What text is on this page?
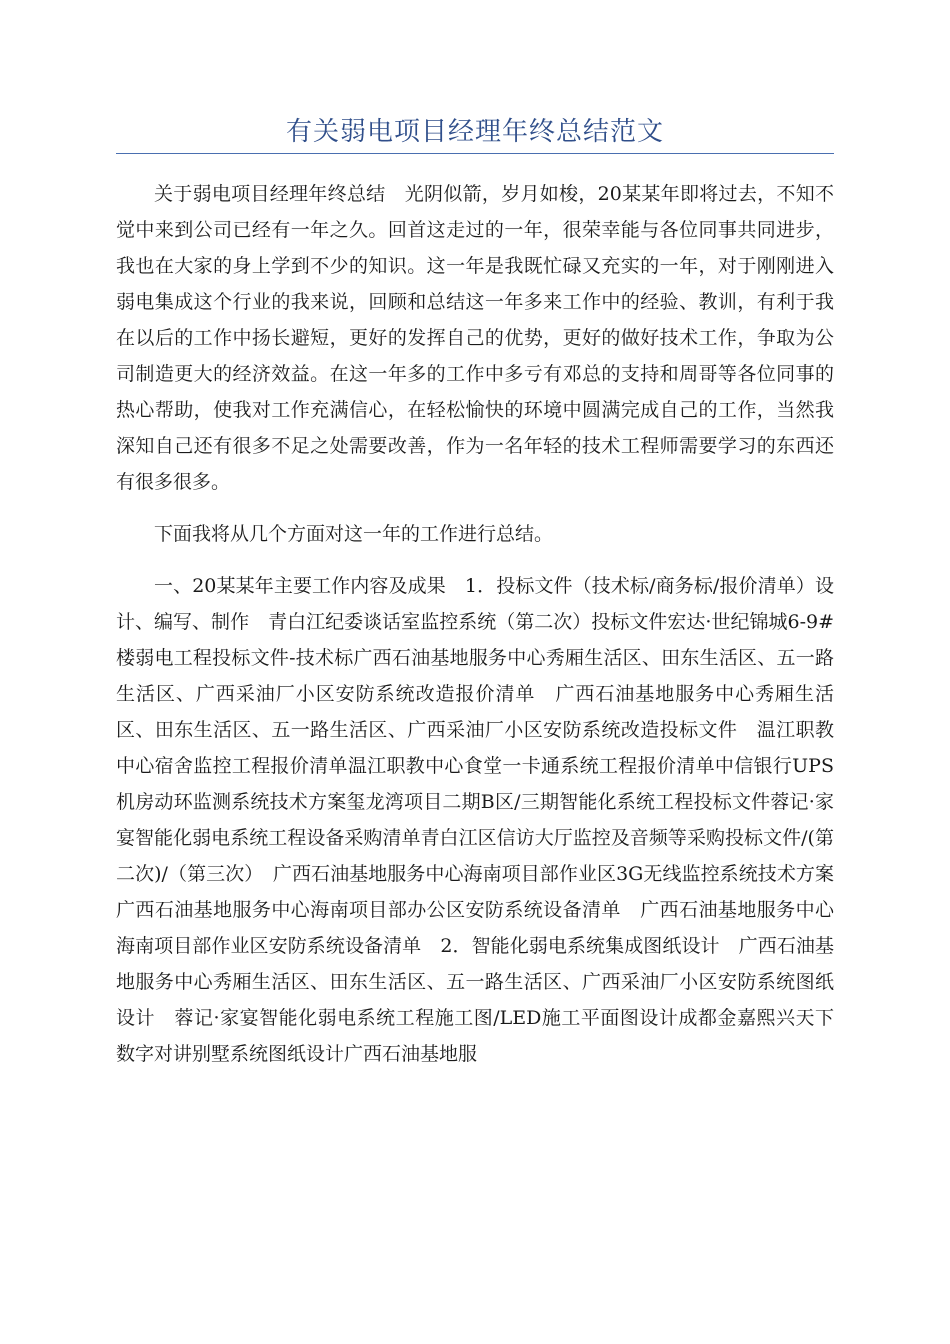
有关弱电项目经理年终总结范文

关于弱电项目经理年终总结　光阴似箭，岁月如梭，20某某年即将过去，不知不觉中来到公司已经有一年之久。回首这走过的一年，很荣幸能与各位同事共同进步，我也在大家的身上学到不少的知识。这一年是我既忙碌又充实的一年，对于刚刚进入弱电集成这个行业的我来说，回顾和总结这一年多来工作中的经验、教训，有利于我在以后的工作中扬长避短，更好的发挥自己的优势，更好的做好技术工作，争取为公司制造更大的经济效益。在这一年多的工作中多亏有邓总的支持和周哥等各位同事的热心帮助，使我对工作充满信心，在轻松愉快的环境中圆满完成自己的工作，当然我深知自己还有很多不足之处需要改善，作为一名年轻的技术工程师需要学习的东西还有很多很多。

下面我将从几个方面对这一年的工作进行总结。

一、20某某年主要工作内容及成果　1．投标文件（技术标/商务标/报价清单）设计、编写、制作　青白江纪委谈话室监控系统（第二次）投标文件宏达·世纪锦城6-9#楼弱电工程投标文件-技术标广西石油基地服务中心秀厢生活区、田东生活区、五一路生活区、广西采油厂小区安防系统改造报价清单　广西石油基地服务中心秀厢生活区、田东生活区、五一路生活区、广西采油厂小区安防系统改造投标文件　温江职教中心宿舍监控工程报价清单温江职教中心食堂一卡通系统工程报价清单中信银行UPS机房动环监测系统技术方案玺龙湾项目二期B区/三期智能化系统工程投标文件蓉记·家宴智能化弱电系统工程设备采购清单青白江区信访大厅监控及音频等采购投标文件/(第二次)/（第三次）　广西石油基地服务中心海南项目部作业区3G无线监控系统技术方案广西石油基地服务中心海南项目部办公区安防系统设备清单　广西石油基地服务中心海南项目部作业区安防系统设备清单　2．智能化弱电系统集成图纸设计　广西石油基地服务中心秀厢生活区、田东生活区、五一路生活区、广西采油厂小区安防系统图纸设计　蓉记·家宴智能化弱电系统工程施工图/LED施工平面图设计成都金嘉熙兴天下数字对讲别墅系统图纸设计广西石油基地服
